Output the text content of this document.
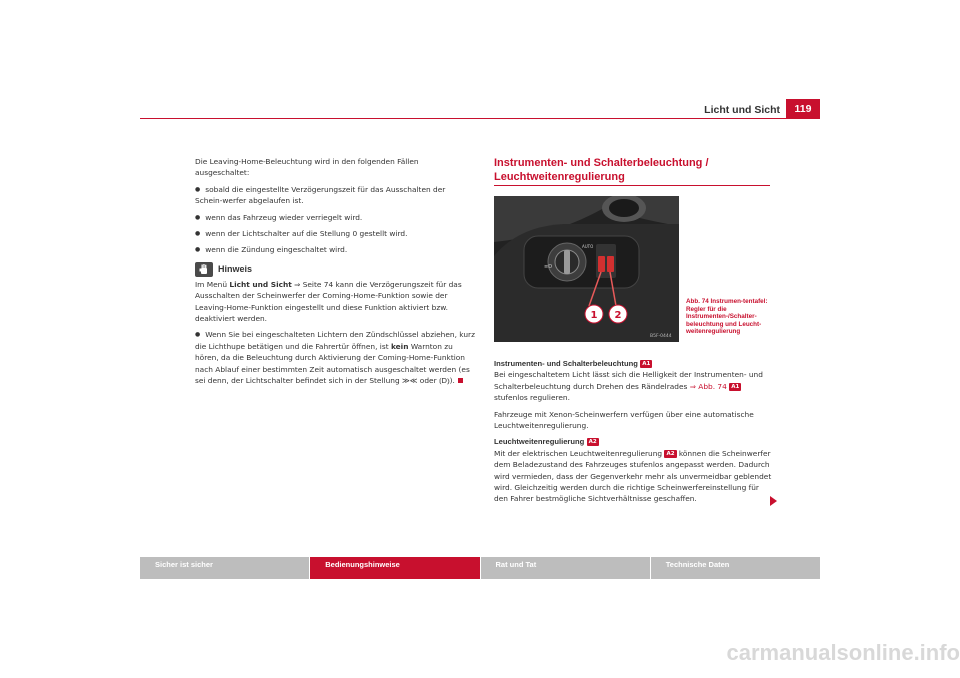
Licht und Sicht	119

Die Leaving-Home-Beleuchtung wird in den folgenden Fällen ausgeschaltet:

● sobald die eingestellte Verzögerungszeit für das Ausschalten der Schein-werfer abgelaufen ist.

● wenn das Fahrzeug wieder verriegelt wird.

● wenn der Lichtschalter auf die Stellung 0 gestellt wird.

● wenn die Zündung eingeschaltet wird.

Hinweis

Im Menü Licht und Sicht ⇒ Seite 74 kann die Verzögerungszeit für das Ausschalten der Scheinwerfer der Coming-Home-Funktion sowie der Leaving-Home-Funktion eingestellt und diese Funktion aktiviert bzw. deaktiviert werden.

● Wenn Sie bei eingeschalteten Lichtern den Zündschlüssel abziehen, kurz die Lichthupe betätigen und die Fahrertür öffnen, ist kein Warnton zu hören, da die Beleuchtung durch Aktivierung der Coming-Home-Funktion nach Ablauf einer bestimmten Zeit automatisch ausgeschaltet werden (es sei denn, der Lichtschalter befindet sich in der Stellung ≫≪ oder ⦅D⦆).

Instrumenten- und Schalterbeleuchtung / Leuchtweitenregulierung
≡D
AUTO
1 2
B5F-0444
Abb. 74 Instrumen-tentafel: Regler für die Instrumenten-/Schalter-beleuchtung und Leucht-weitenregulierung

Instrumenten- und Schalterbeleuchtung A1

Bei eingeschaltetem Licht lässt sich die Helligkeit der Instrumenten- und Schalterbeleuchtung durch Drehen des Rändelrades ⇒ Abb. 74 A1 stufenlos regulieren.

Fahrzeuge mit Xenon-Scheinwerfern verfügen über eine automatische Leuchtweitenregulierung.

Leuchtweitenregulierung A2

Mit der elektrischen Leuchtweitenregulierung A2 können die Scheinwerfer dem Beladezustand des Fahrzeuges stufenlos angepasst werden. Dadurch wird vermieden, dass der Gegenverkehr mehr als unvermeidbar geblendet wird. Gleichzeitig werden durch die richtige Scheinwerfereinstellung für den Fahrer bestmögliche Sichtverhältnisse geschaffen.

Sicher ist sicher	Bedienungshinweise	Rat und Tat	Technische Daten
carmanualsonline.info
